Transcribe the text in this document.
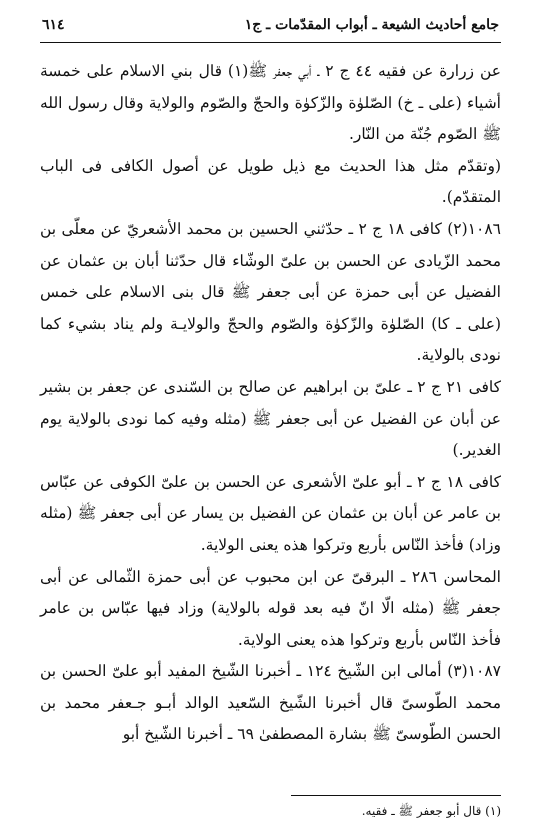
جامع أحاديث الشيعة ـ أبواب المقدّمات ـ ج١
٦١٤

عن زرارة عن فقيه ٤٤ ج ٢ ـ أبي جعفر ﷺ(١) قال بني الاسلام على خمسة أشياء (على ـ خ) الصّلوٰة والزّكوٰة والحجّ والصّوم والولاية وقال رسول الله ﷺ الصّوم جُنّة من النّار.

(وتقدّم مثل هذا الحديث مع ذيل طويل عن أصول الكافى فى الباب المتقدّم).

١٠٨٦(٢) كافى ١٨ ج ٢ ـ حدّثني الحسين بن محمد الأشعريّ عن معلّى بن محمد الزّيادى عن الحسن بن علىّ الوشّاء قال حدّثنا أبان بن عثمان عن الفضيل عن أبى حمزة عن أبى جعفر ﷺ قال بنى الاسلام على خمس (على ـ كا) الصّلوٰة والزّكوٰة والصّوم والحجّ والولايـة ولم يناد بشيء كما نودى بالولاية.

كافى ٢١ ج ٢ ـ علىّ بن ابراهيم عن صالح بن السّندى عن جعفر بن بشير عن أبان عن الفضيل عن أبى جعفر ﷺ (مثله وفيه كما نودى بالولاية يوم الغدير.)

كافى ١٨ ج ٢ ـ أبو علىّ الأشعرى عن الحسن بن علىّ الكوفى عن عبّاس بن عامر عن أبان بن عثمان عن الفضيل بن يسار عن أبى جعفر ﷺ (مثله وزاد) فأخذ النّاس بأربع وتركوا هذه يعنى الولاية.

المحاسن ٢٨٦ ـ البرقىّ عن ابن محبوب عن أبى حمزة الثّمالى عن أبى جعفر ﷺ (مثله الّا انّ فيه بعد قوله بالولاية) وزاد فيها عبّاس بن عامر فأخذ النّاس بأربع وتركوا هذه يعنى الولاية.

١٠٨٧(٣) أمالى ابن الشّيخ ١٢٤ ـ أخبرنا الشّيخ المفيد أبو علىّ الحسن بن محمد الطّوسىّ قال أخبرنا الشّيخ السّعيد الوالد أبـو جـعفر محمد بن الحسن الطّوسىّ ﷺ بشارة المصطفىٰ ٦٩ ـ أخبرنا الشّيخ أبو

(١) قال أبو جعفر ﷺ ـ فقيه.
